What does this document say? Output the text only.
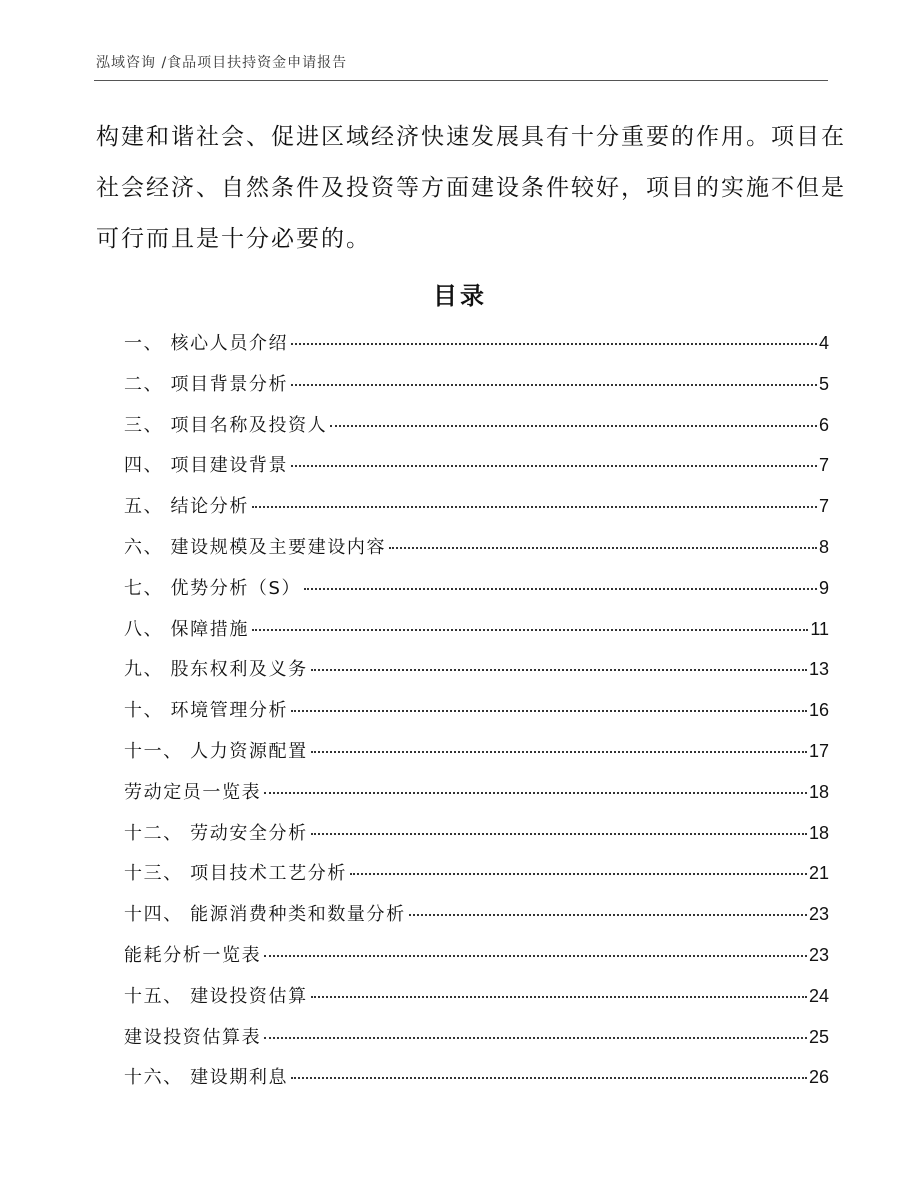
泓域咨询 /食品项目扶持资金申请报告

构建和谐社会、促进区域经济快速发展具有十分重要的作用。项目在

社会经济、自然条件及投资等方面建设条件较好，项目的实施不但是

可行而且是十分必要的。

目录
一、 核心人员介绍	4
二、 项目背景分析	5
三、 项目名称及投资人	6
四、 项目建设背景	7
五、 结论分析	7
六、 建设规模及主要建设内容	8
七、 优势分析（S）	9
八、 保障措施	11
九、 股东权利及义务	13
十、 环境管理分析	16
十一、 人力资源配置	17
劳动定员一览表	18
十二、 劳动安全分析	18
十三、 项目技术工艺分析	21
十四、 能源消费种类和数量分析	23
能耗分析一览表	23
十五、 建设投资估算	24
建设投资估算表	25
十六、 建设期利息	26
